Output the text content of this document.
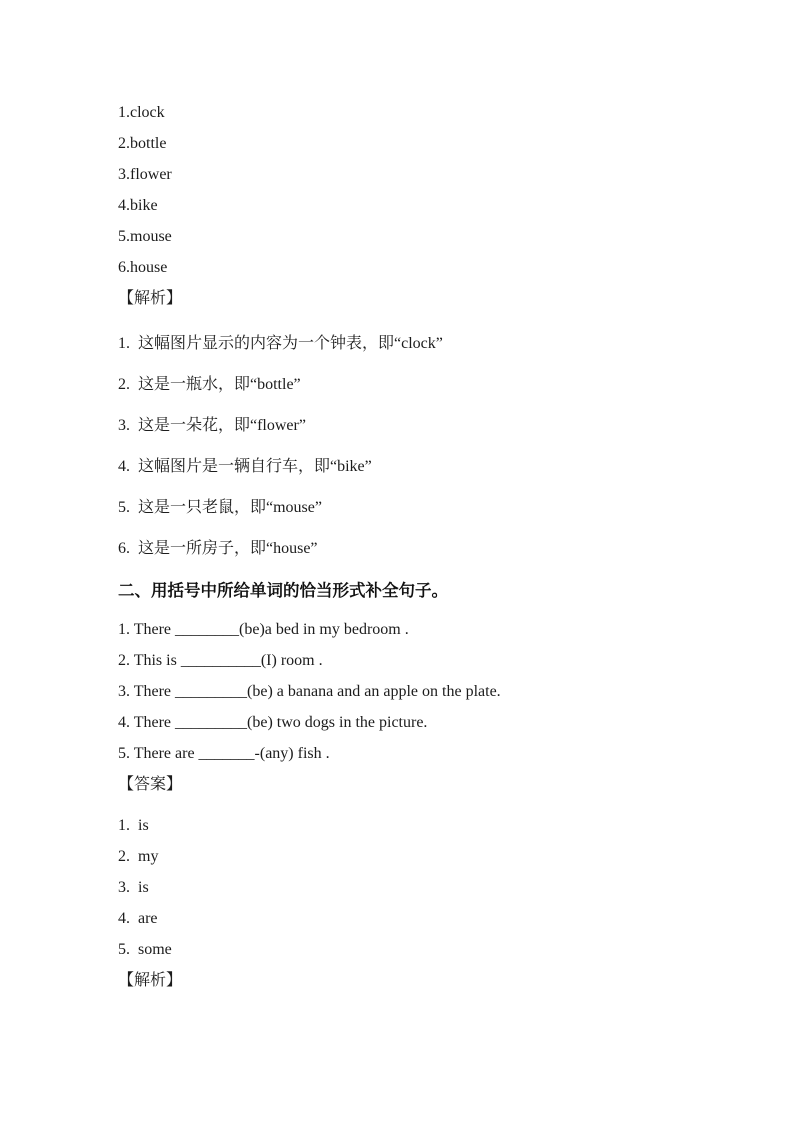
1.clock

2.bottle

3.flower

4.bike

5.mouse

6.house

【解析】

1.  这幅图片显示的内容为一个钟表，即“clock”

2.  这是一瓶水，即“bottle”

3.  这是一朵花，即“flower”

4.  这幅图片是一辆自行车，即“bike”

5.  这是一只老鼠，即“mouse”

6.  这是一所房子，即“house”

二、用括号中所给单词的恰当形式补全句子。

1. There ________(be)a bed in my bedroom .

2. This is __________(I) room .

3. There _________(be) a banana and an apple on the plate.

4. There _________(be) two dogs in the picture.

5. There are _______-(any) fish .

【答案】

1.  is

2.  my

3.  is

4.  are

5.  some

【解析】
